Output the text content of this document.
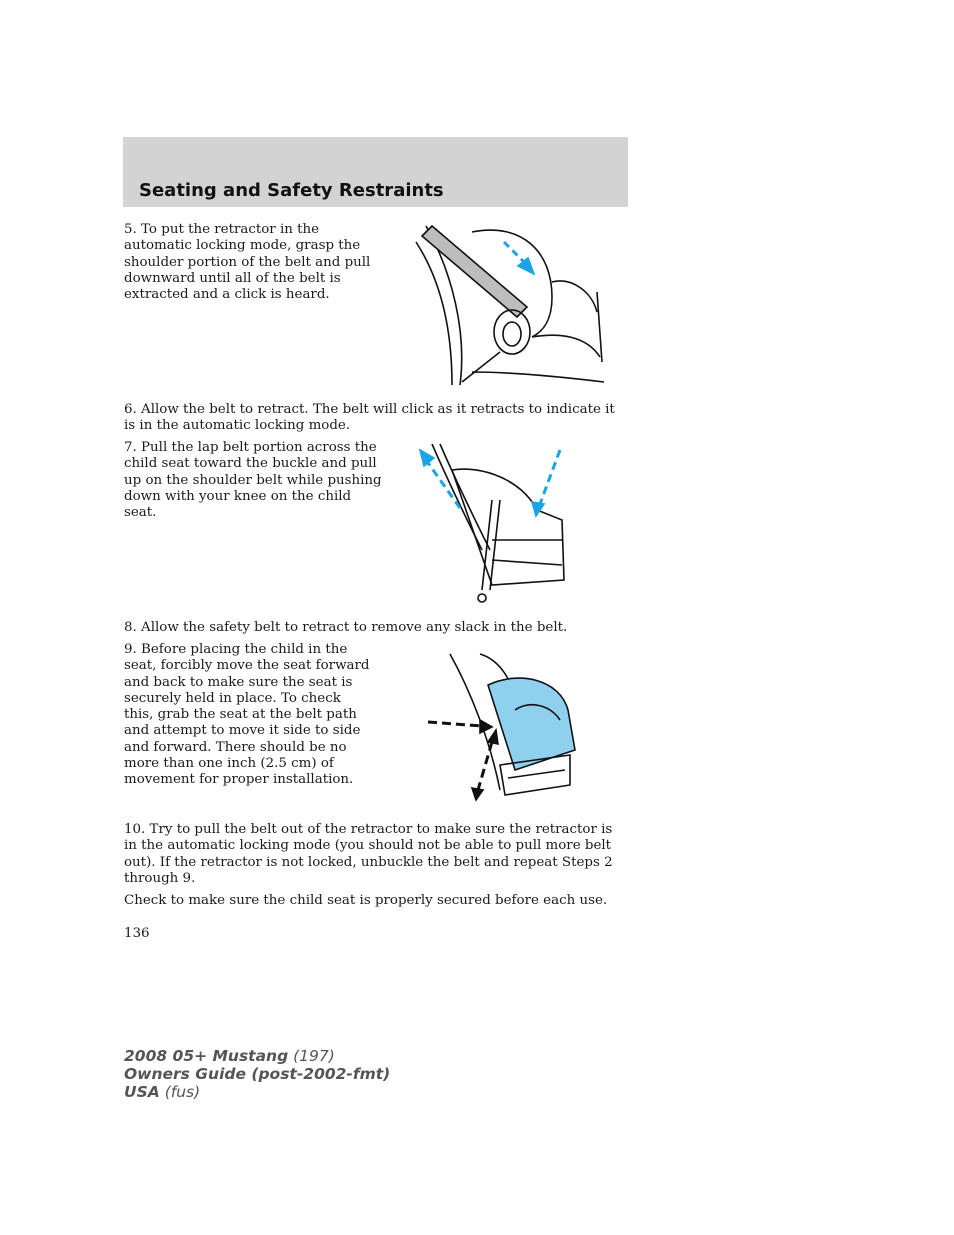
Seating and Safety Restraints

5. To put the retractor in the automatic locking mode, grasp the shoulder portion of the belt and pull downward until all of the belt is extracted and a click is heard.

6. Allow the belt to retract. The belt will click as it retracts to indicate it is in the automatic locking mode.

7. Pull the lap belt portion across the child seat toward the buckle and pull up on the shoulder belt while pushing down with your knee on the child seat.

8. Allow the safety belt to retract to remove any slack in the belt.

9. Before placing the child in the seat, forcibly move the seat forward and back to make sure the seat is securely held in place. To check this, grab the seat at the belt path and attempt to move it side to side and forward. There should be no more than one inch (2.5 cm) of movement for proper installation.

10. Try to pull the belt out of the retractor to make sure the retractor is in the automatic locking mode (you should not be able to pull more belt out). If the retractor is not locked, unbuckle the belt and repeat Steps 2 through 9.

Check to make sure the child seat is properly secured before each use.

136

2008 05+ Mustang (197)
Owners Guide (post-2002-fmt)
USA (fus)
